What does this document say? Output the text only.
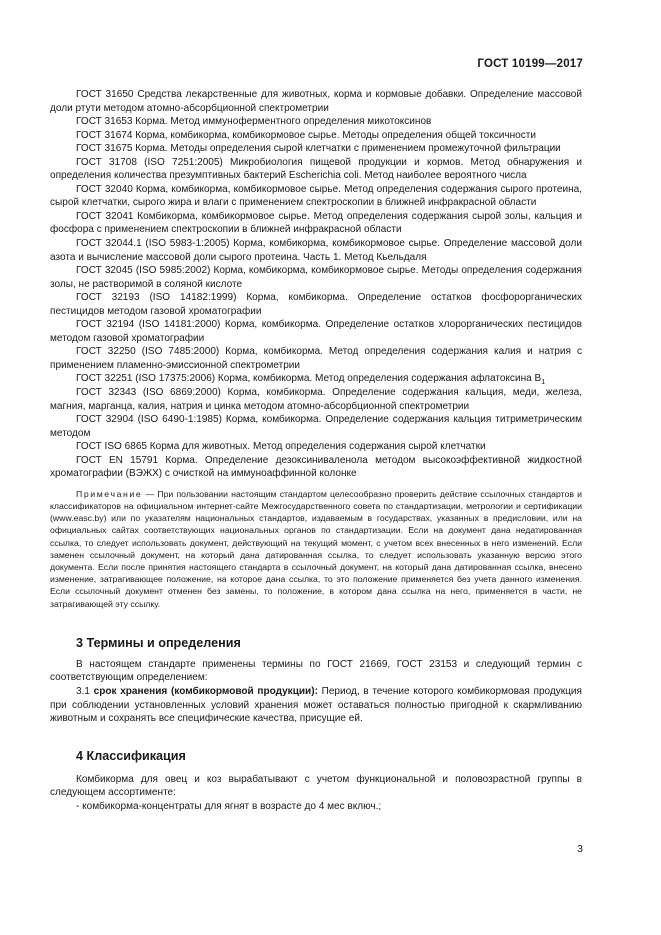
ГОСТ 10199—2017

ГОСТ 31650 Средства лекарственные для животных, корма и кормовые добавки. Определение массовой доли ртути методом атомно-абсорбционной спектрометрии

ГОСТ 31653 Корма. Метод иммуноферментного определения микотоксинов

ГОСТ 31674 Корма, комбикорма, комбикормовое сырье. Методы определения общей токсичности

ГОСТ 31675 Корма. Методы определения сырой клетчатки с применением промежуточной фильтрации

ГОСТ 31708 (ISO 7251:2005) Микробиология пищевой продукции и кормов. Метод обнаружения и определения количества презумптивных бактерий Escherichia coli. Метод наиболее вероятного числа

ГОСТ 32040 Корма, комбикорма, комбикормовое сырье. Метод определения содержания сырого протеина, сырой клетчатки, сырого жира и влаги с применением спектроскопии в ближней инфракрасной области

ГОСТ 32041 Комбикорма, комбикормовое сырье. Метод определения содержания сырой золы, кальция и фосфора с применением спектроскопии в ближней инфракрасной области

ГОСТ 32044.1 (ISO 5983-1:2005) Корма, комбикорма, комбикормовое сырье. Определение массовой доли азота и вычисление массовой доли сырого протеина. Часть 1. Метод Кьельдаля

ГОСТ 32045 (ISO 5985:2002) Корма, комбикорма, комбикормовое сырье. Методы определения содержания золы, не растворимой в соляной кислоте

ГОСТ 32193 (ISO 14182:1999) Корма, комбикорма. Определение остатков фосфорорганических пестицидов методом газовой хроматографии

ГОСТ 32194 (ISO 14181:2000) Корма, комбикорма. Определение остатков хлорорганических пестицидов методом газовой хроматографии

ГОСТ 32250 (ISO 7485:2000) Корма, комбикорма. Метод определения содержания калия и натрия с применением пламенно-эмиссионной спектрометрии

ГОСТ 32251 (ISO 17375:2006) Корма, комбикорма. Метод определения содержания афлатоксина $B_1$

ГОСТ 32343 (ISO 6869:2000) Корма, комбикорма. Определение содержания кальция, меди, железа, магния, марганца, калия, натрия и цинка методом атомно-абсорбционной спектрометрии

ГОСТ 32904 (ISO 6490-1:1985) Корма, комбикорма. Определение содержания кальция титриметрическим методом

ГОСТ ISO 6865 Корма для животных. Метод определения содержания сырой клетчатки

ГОСТ EN 15791 Корма. Определение дезоксиниваленола методом высокоэффективной жидкостной хроматографии (ВЭЖХ) с очисткой на иммуноаффинной колонке

Примечание — При пользовании настоящим стандартом целесообразно проверить действие ссылочных стандартов и классификаторов на официальном интернет-сайте Межгосударственного совета по стандартизации, метрологии и сертификации (www.easc.by) или по указателям национальных стандартов, издаваемым в государствах, указанных в предисловии, или на официальных сайтах соответствующих национальных органов по стандартизации. Если на документ дана недатированная ссылка, то следует использовать документ, действующий на текущий момент, с учетом всех внесенных в него изменений. Если заменен ссылочный документ, на который дана датированная ссылка, то следует использовать указанную версию этого документа. Если после принятия настоящего стандарта в ссылочный документ, на который дана датированная ссылка, внесено изменение, затрагивающее положение, на которое дана ссылка, то это положение применяется без учета данного изменения. Если ссылочный документ отменен без замены, то положение, в котором дана ссылка на него, применяется в части, не затрагивающей эту ссылку.

3 Термины и определения

В настоящем стандарте применены термины по ГОСТ 21669, ГОСТ 23153 и следующий термин с соответствующим определением:

3.1 срок хранения (комбикормовой продукции): Период, в течение которого комбикормовая продукция при соблюдении установленных условий хранения может оставаться полностью пригодной к скармливанию животным и сохранять все специфические качества, присущие ей.

4 Классификация

Комбикорма для овец и коз вырабатывают с учетом функциональной и половозрастной группы в следующем ассортименте:

- комбикорма-концентраты для ягнят в возрасте до 4 мес включ.;

3
